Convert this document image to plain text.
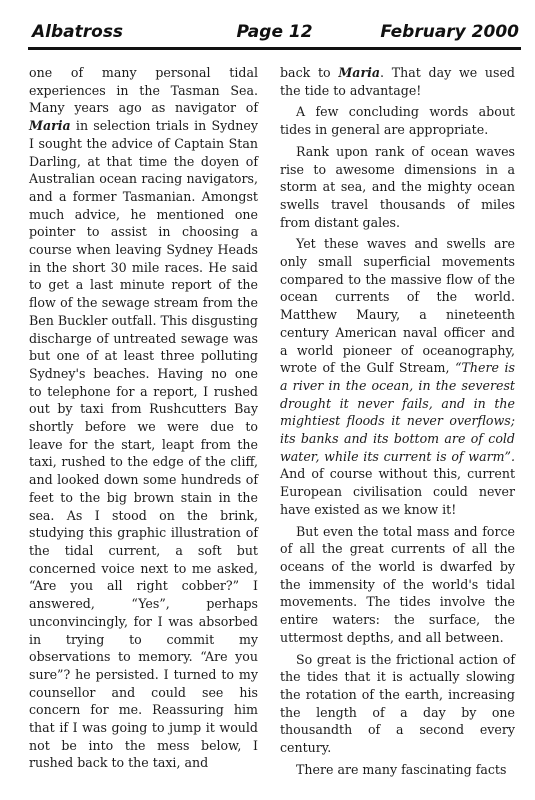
Albatross	Page 12	February 2000

one of many personal tidal experiences in the Tasman Sea. Many years ago as navigator of Maria in selection trials in Sydney I sought the advice of Captain Stan Darling, at that time the doyen of Australian ocean racing navigators, and a former Tasmanian. Amongst much advice, he mentioned one pointer to assist in choosing a course when leaving Sydney Heads in the short 30 mile races. He said to get a last minute report of the flow of the sewage stream from the Ben Buckler outfall. This disgusting discharge of untreated sewage was but one of at least three polluting Sydney's beaches. Having no one to telephone for a report, I rushed out by taxi from Rushcutters Bay shortly before we were due to leave for the start, leapt from the taxi, rushed to the edge of the cliff, and looked down some hundreds of feet to the big brown stain in the sea. As I stood on the brink, studying this graphic illustration of the tidal current, a soft but concerned voice next to me asked, “Are you all right cobber?” I answered, “Yes”, perhaps unconvincingly, for I was absorbed in trying to commit my observations to memory. “Are you sure”? he persisted. I turned to my counsellor and could see his concern for me. Reassuring him that if I was going to jump it would not be into the mess below, I rushed back to the taxi, and

back to Maria. That day we used the tide to advantage!

A few concluding words about tides in general are appropriate.

Rank upon rank of ocean waves rise to awesome dimensions in a storm at sea, and the mighty ocean swells travel thousands of miles from distant gales.

Yet these waves and swells are only small superficial movements compared to the massive flow of the ocean currents of the world. Matthew Maury, a nineteenth century American naval officer and a world pioneer of oceanography, wrote of the Gulf Stream, “There is a river in the ocean, in the severest drought it never fails, and in the mightiest floods it never overflows; its banks and its bottom are of cold water, while its current is of warm”. And of course without this, current European civilisation could never have existed as we know it!

But even the total mass and force of all the great currents of all the oceans of the world is dwarfed by the immensity of the world's tidal movements. The tides involve the entire waters: the surface, the uttermost depths, and all between.

So great is the frictional action of the tides that it is actually slowing the rotation of the earth, increasing the length of a day by one thousandth of a second every century.

There are many fascinating facts
